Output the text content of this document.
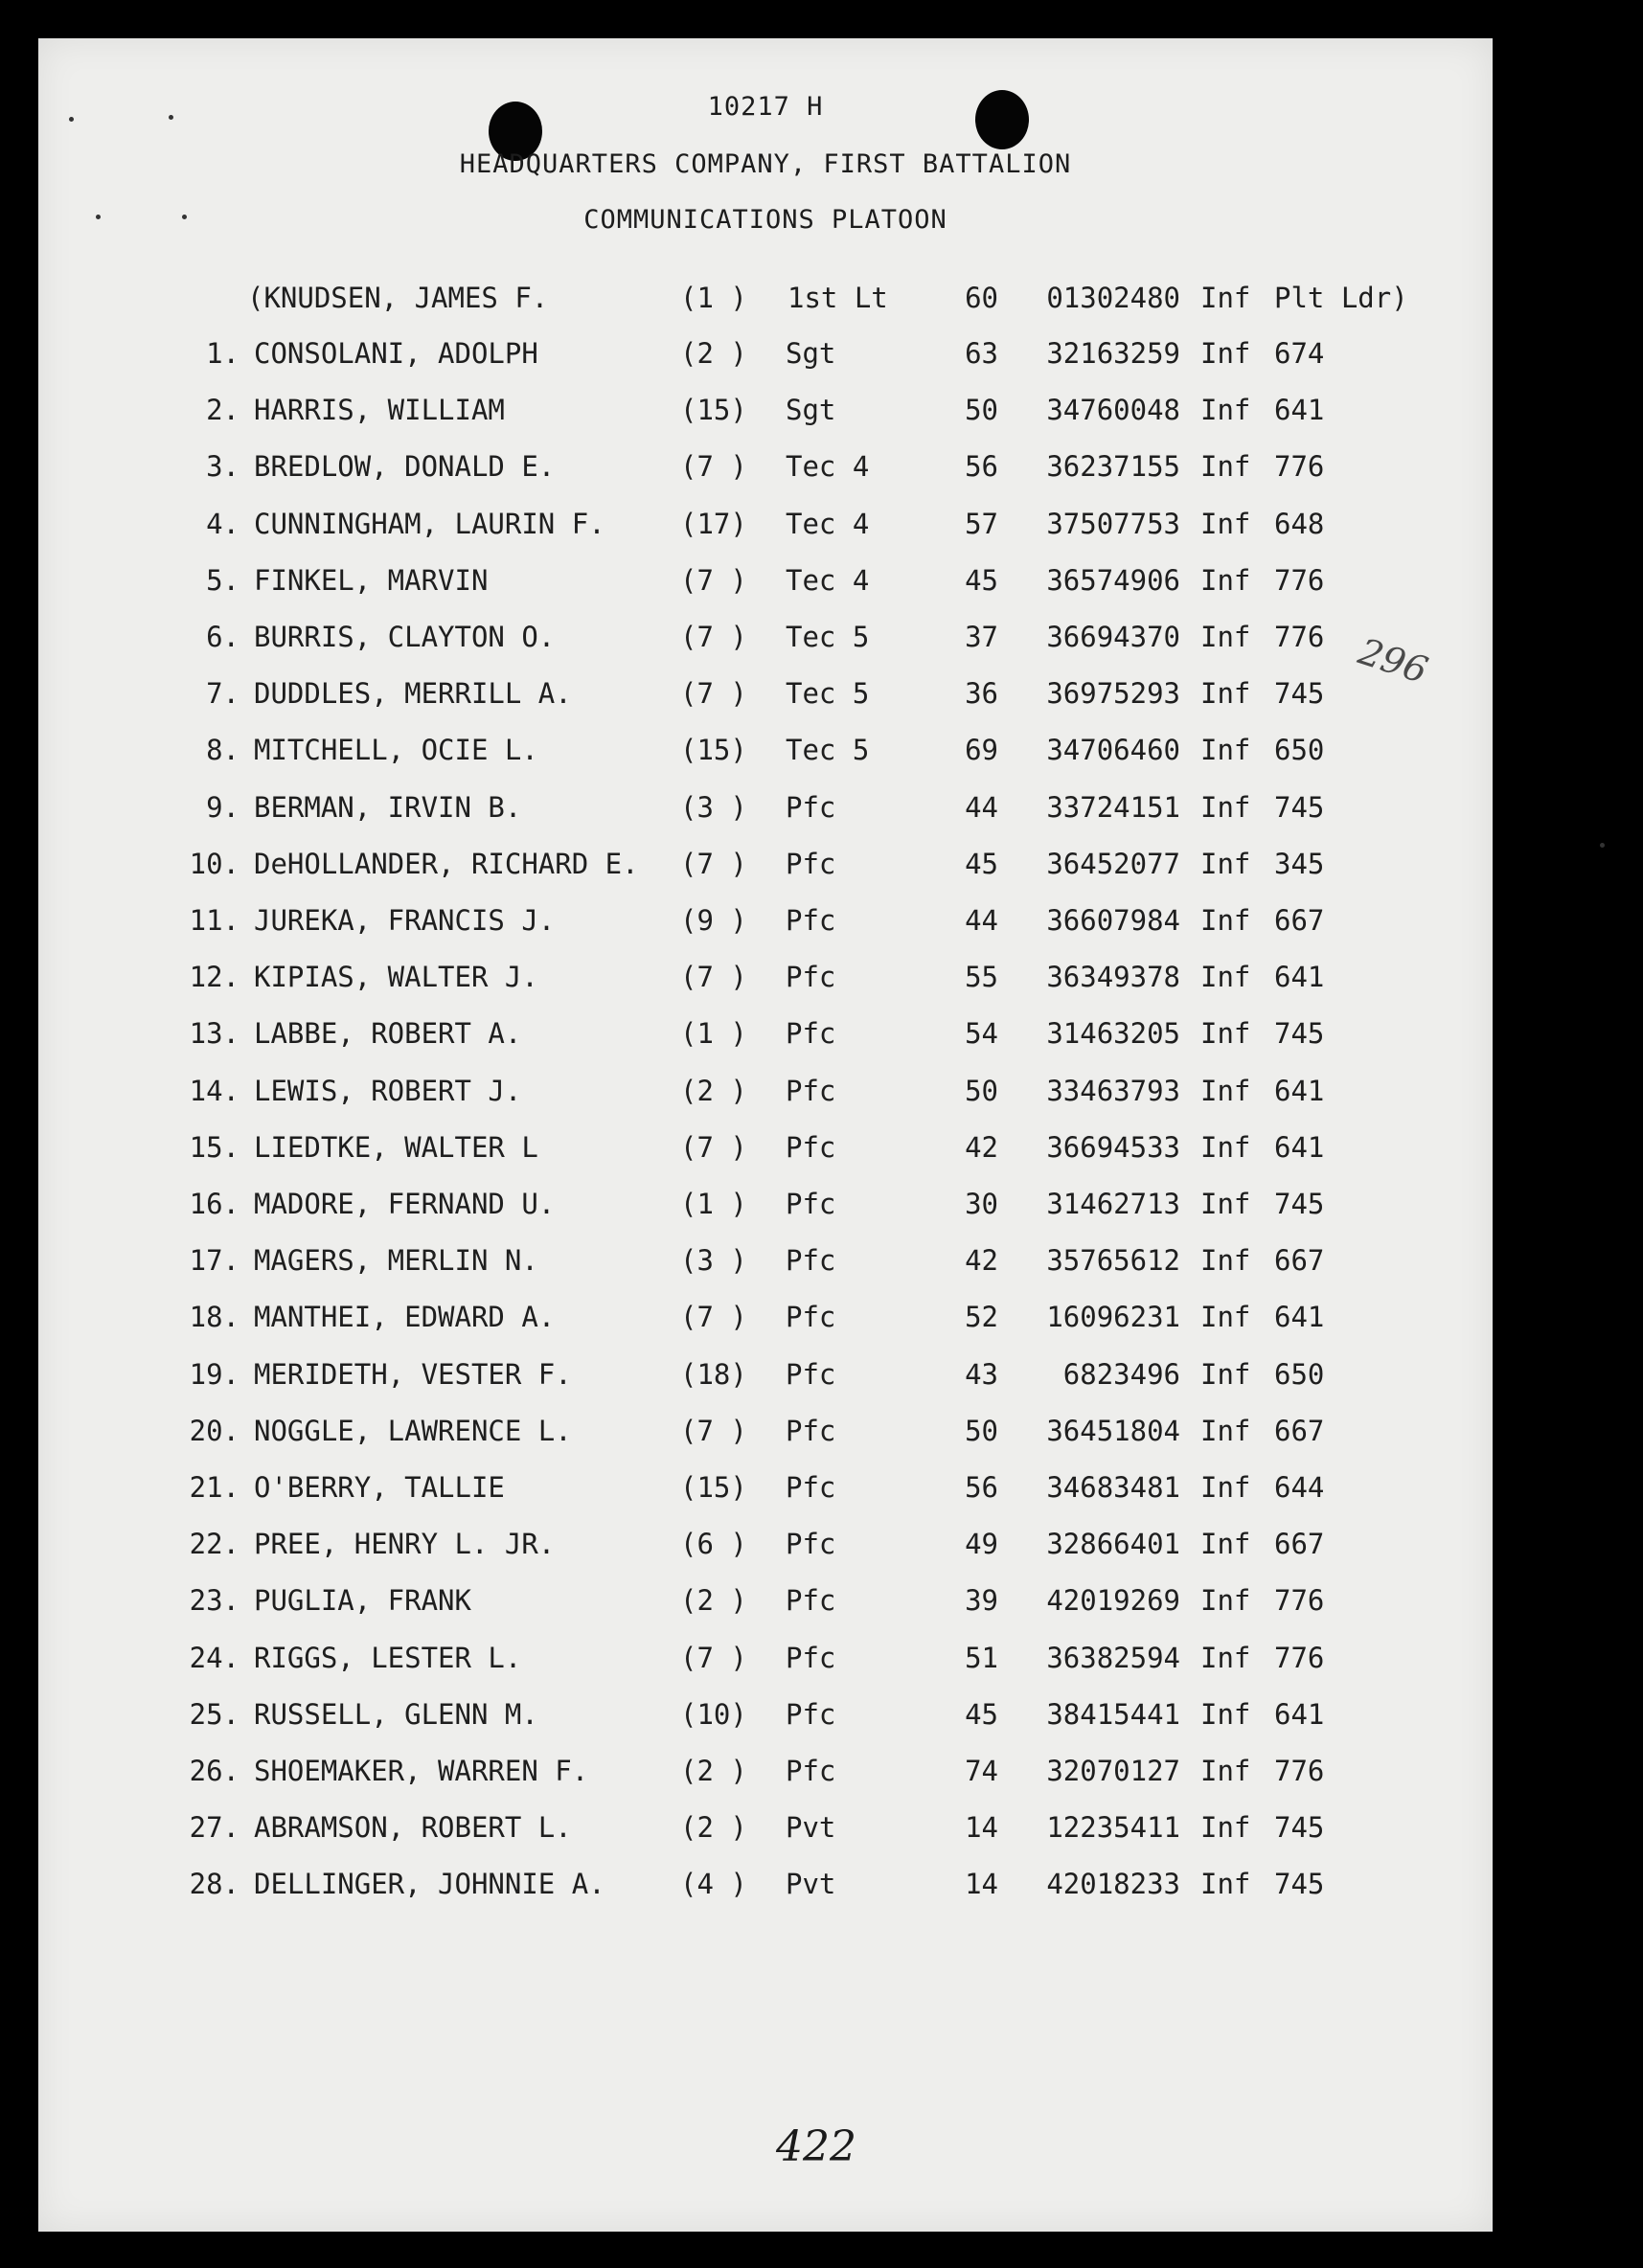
10217 H
HEADQUARTERS COMPANY, FIRST BATTALION
COMMUNICATIONS PLATOON
(KNUDSEN, JAMES F.	(1 ) 1st Lt	60	01302480 Inf Plt Ldr)
1. CONSOLANI, ADOLPH	(2 ) Sgt	63	32163259 Inf 674
2. HARRIS, WILLIAM	(15) Sgt	50	34760048 Inf 641
3. BREDLOW, DONALD E.	(7 ) Tec 4	56	36237155 Inf 776
4. CUNNINGHAM, LAURIN F.	(17) Tec 4	57	37507753 Inf 648
5. FINKEL, MARVIN	(7 ) Tec 4	45	36574906 Inf 776
6. BURRIS, CLAYTON O.	(7 ) Tec 5	37	36694370 Inf 776
7. DUDDLES, MERRILL A.	(7 ) Tec 5	36	36975293 Inf 745
8. MITCHELL, OCIE L.	(15) Tec 5	69	34706460 Inf 650
9. BERMAN, IRVIN B.	(3 ) Pfc	44	33724151 Inf 745
10. DeHOLLANDER, RICHARD E. (7 ) Pfc	45	36452077 Inf 345
11. JUREKA, FRANCIS J.	(9 ) Pfc	44	36607984 Inf 667
12. KIPIAS, WALTER J.	(7 ) Pfc	55	36349378 Inf 641
13. LABBE, ROBERT A.	(1 ) Pfc	54	31463205 Inf 745
14. LEWIS, ROBERT J.	(2 ) Pfc	50	33463793 Inf 641
15. LIEDTKE, WALTER L	(7 ) Pfc	42	36694533 Inf 641
16. MADORE, FERNAND U.	(1 ) Pfc	30	31462713 Inf 745
17. MAGERS, MERLIN N.	(3 ) Pfc	42	35765612 Inf 667
18. MANTHEI, EDWARD A.	(7 ) Pfc	52	16096231 Inf 641
19. MERIDETH, VESTER F.	(18) Pfc	43	6823496 Inf 650
20. NOGGLE, LAWRENCE L.	(7 ) Pfc	50	36451804 Inf 667
21. O'BERRY, TALLIE	(15) Pfc	56	34683481 Inf 644
22. PREE, HENRY L. JR.	(6 ) Pfc	49	32866401 Inf 667
23. PUGLIA, FRANK	(2 ) Pfc	39	42019269 Inf 776
24. RIGGS, LESTER L.	(7 ) Pfc	51	36382594 Inf 776
25. RUSSELL, GLENN M.	(10) Pfc	45	38415441 Inf 641
26. SHOEMAKER, WARREN F.	(2 ) Pfc	74	32070127 Inf 776
27. ABRAMSON, ROBERT L.	(2 ) Pvt	14	12235411 Inf 745
28. DELLINGER, JOHNNIE A.	(4 ) Pvt	14	42018233 Inf 745
296
422
